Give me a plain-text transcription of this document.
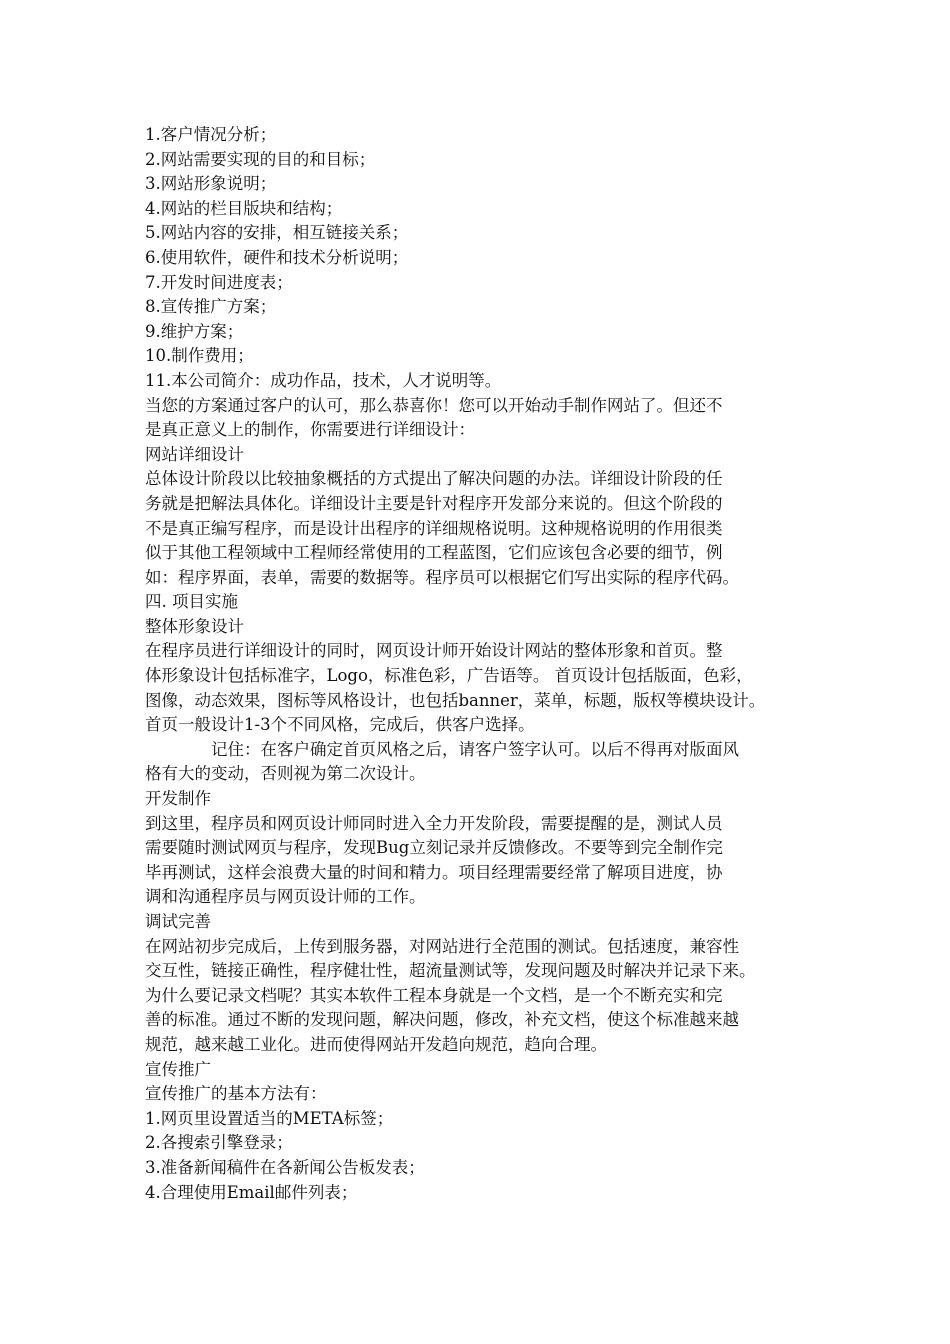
1.客户情况分析；
2.网站需要实现的目的和目标；
3.网站形象说明；
4.网站的栏目版块和结构；
5.网站内容的安排，相互链接关系；
6.使用软件，硬件和技术分析说明；
7.开发时间进度表；
8.宣传推广方案；
9.维护方案；
10.制作费用；
11.本公司简介：成功作品，技术，人才说明等。
当您的方案通过客户的认可，那么恭喜你！您可以开始动手制作网站了。但还不
是真正意义上的制作，你需要进行详细设计：
网站详细设计
总体设计阶段以比较抽象概括的方式提出了解决问题的办法。详细设计阶段的任
务就是把解法具体化。详细设计主要是针对程序开发部分来说的。但这个阶段的
不是真正编写程序，而是设计出程序的详细规格说明。这种规格说明的作用很类
似于其他工程领域中工程师经常使用的工程蓝图，它们应该包含必要的细节，例
如：程序界面，表单，需要的数据等。程序员可以根据它们写出实际的程序代码。
四. 项目实施
整体形象设计
在程序员进行详细设计的同时，网页设计师开始设计网站的整体形象和首页。整
体形象设计包括标准字，Logo，标准色彩，广告语等。 首页设计包括版面，色彩，
图像，动态效果，图标等风格设计，也包括banner，菜单，标题，版权等模块设计。
首页一般设计1-3个不同风格，完成后，供客户选择。
记住：在客户确定首页风格之后，请客户签字认可。以后不得再对版面风
格有大的变动，否则视为第二次设计。
开发制作
到这里，程序员和网页设计师同时进入全力开发阶段，需要提醒的是，测试人员
需要随时测试网页与程序，发现Bug立刻记录并反馈修改。不要等到完全制作完
毕再测试，这样会浪费大量的时间和精力。项目经理需要经常了解项目进度，协
调和沟通程序员与网页设计师的工作。
调试完善
在网站初步完成后，上传到服务器，对网站进行全范围的测试。包括速度，兼容性
交互性，链接正确性，程序健壮性，超流量测试等，发现问题及时解决并记录下来。
为什么要记录文档呢？其实本软件工程本身就是一个文档，是一个不断充实和完
善的标准。通过不断的发现问题，解决问题，修改，补充文档，使这个标准越来越
规范，越来越工业化。进而使得网站开发趋向规范，趋向合理。
宣传推广
宣传推广的基本方法有：
1.网页里设置适当的META标签；
2.各搜索引擎登录；
3.准备新闻稿件在各新闻公告板发表；
4.合理使用Email邮件列表；
